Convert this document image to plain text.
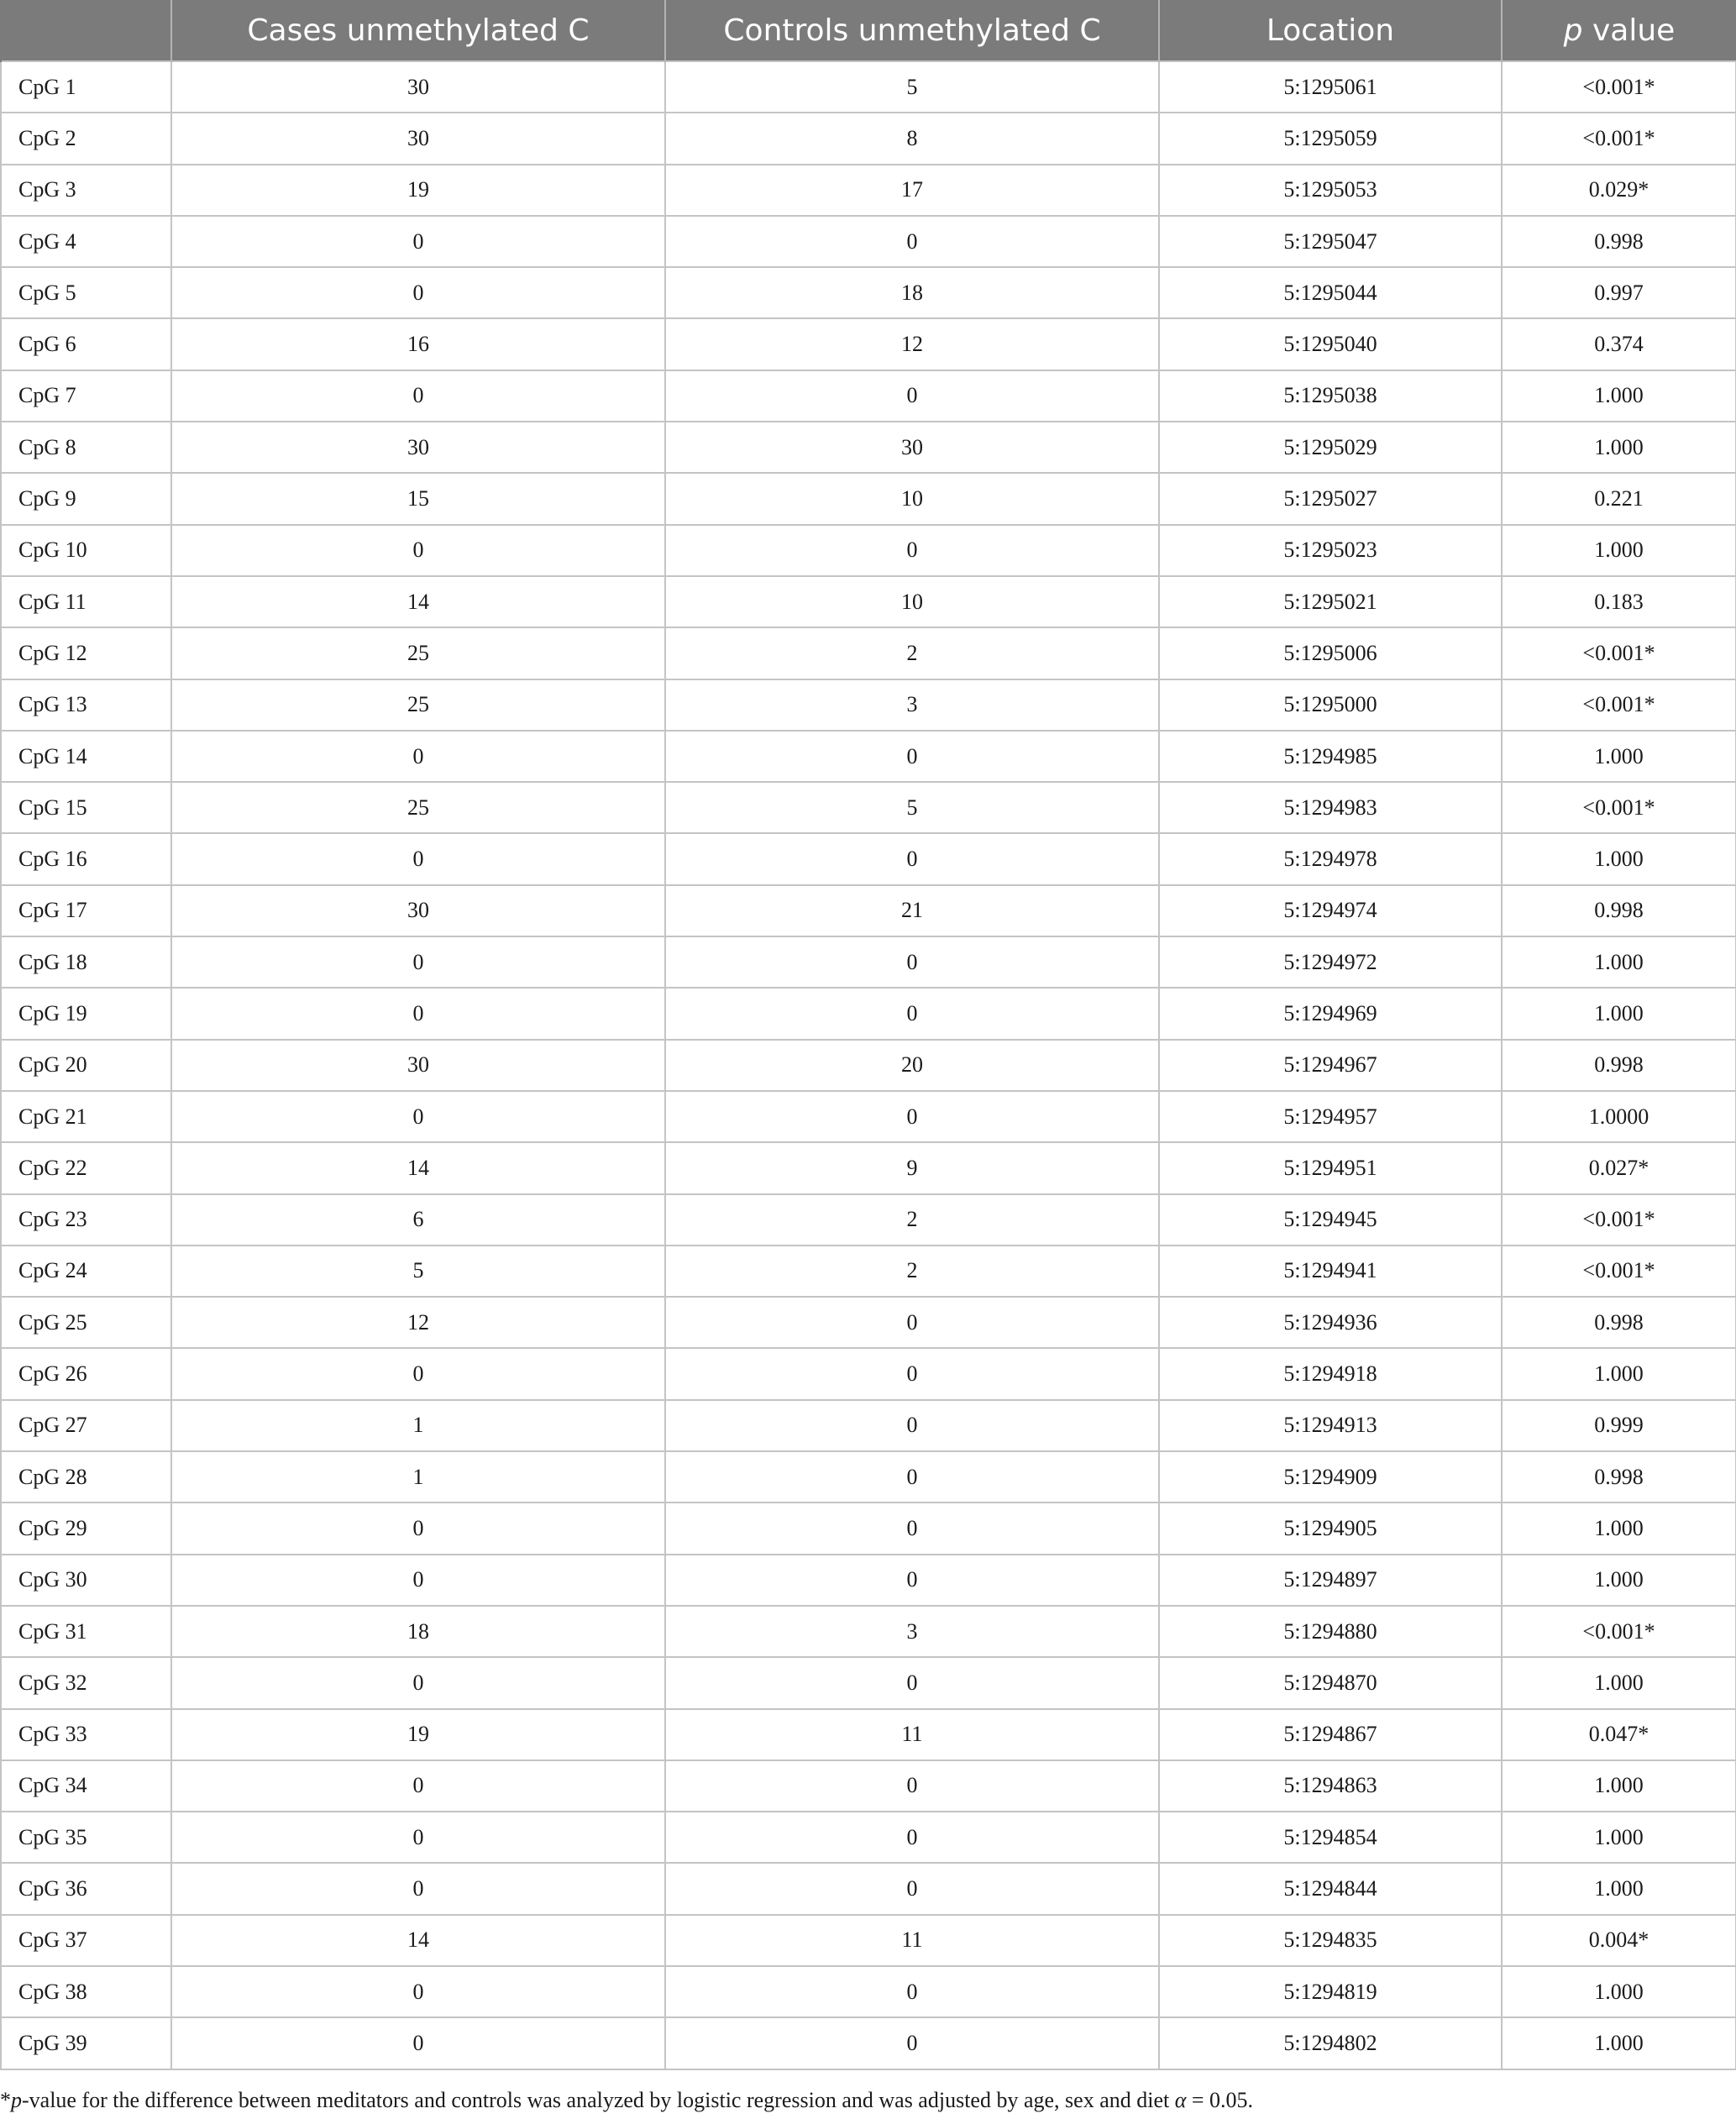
	Cases unmethylated C	Controls unmethylated C	Location	p value
CpG 1	30	5	5:1295061	<0.001*
CpG 2	30	8	5:1295059	<0.001*
CpG 3	19	17	5:1295053	0.029*
CpG 4	0	0	5:1295047	0.998
CpG 5	0	18	5:1295044	0.997
CpG 6	16	12	5:1295040	0.374
CpG 7	0	0	5:1295038	1.000
CpG 8	30	30	5:1295029	1.000
CpG 9	15	10	5:1295027	0.221
CpG 10	0	0	5:1295023	1.000
CpG 11	14	10	5:1295021	0.183
CpG 12	25	2	5:1295006	<0.001*
CpG 13	25	3	5:1295000	<0.001*
CpG 14	0	0	5:1294985	1.000
CpG 15	25	5	5:1294983	<0.001*
CpG 16	0	0	5:1294978	1.000
CpG 17	30	21	5:1294974	0.998
CpG 18	0	0	5:1294972	1.000
CpG 19	0	0	5:1294969	1.000
CpG 20	30	20	5:1294967	0.998
CpG 21	0	0	5:1294957	1.0000
CpG 22	14	9	5:1294951	0.027*
CpG 23	6	2	5:1294945	<0.001*
CpG 24	5	2	5:1294941	<0.001*
CpG 25	12	0	5:1294936	0.998
CpG 26	0	0	5:1294918	1.000
CpG 27	1	0	5:1294913	0.999
CpG 28	1	0	5:1294909	0.998
CpG 29	0	0	5:1294905	1.000
CpG 30	0	0	5:1294897	1.000
CpG 31	18	3	5:1294880	<0.001*
CpG 32	0	0	5:1294870	1.000
CpG 33	19	11	5:1294867	0.047*
CpG 34	0	0	5:1294863	1.000
CpG 35	0	0	5:1294854	1.000
CpG 36	0	0	5:1294844	1.000
CpG 37	14	11	5:1294835	0.004*
CpG 38	0	0	5:1294819	1.000
CpG 39	0	0	5:1294802	1.000
*p-value for the difference between meditators and controls was analyzed by logistic regression and was adjusted by age, sex and diet α = 0.05.
